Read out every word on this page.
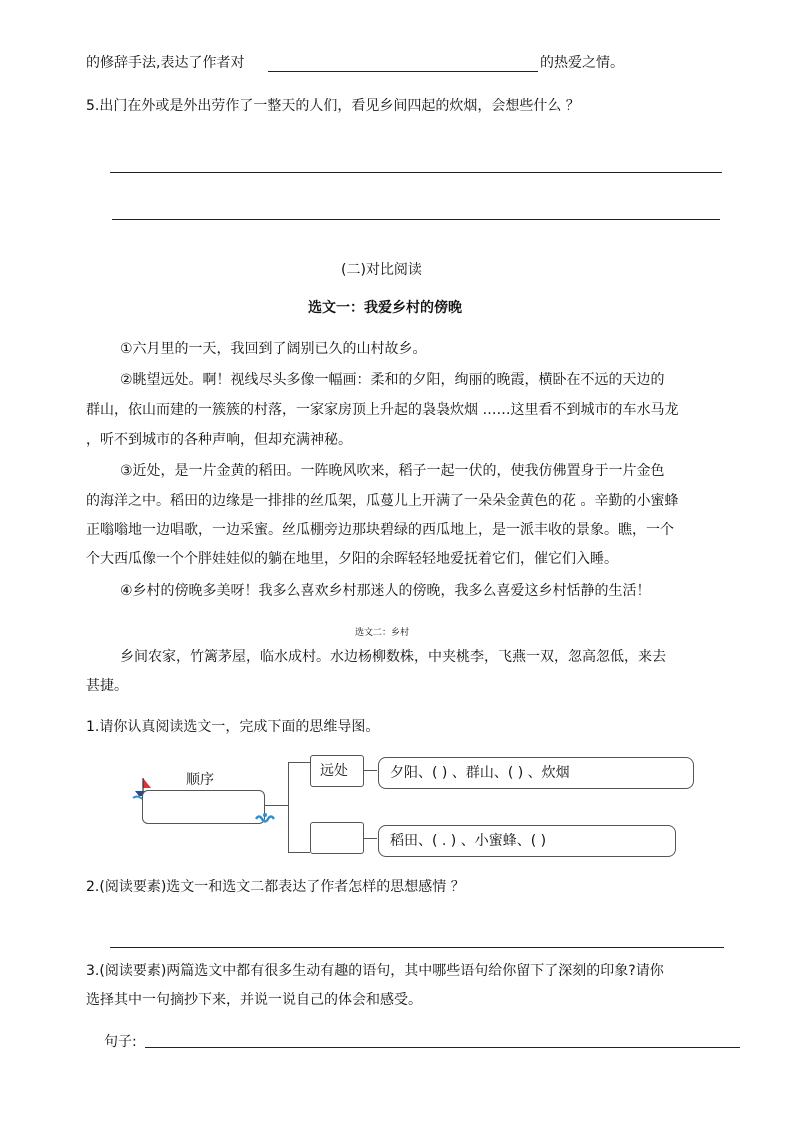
的修辞手法,表达了作者对	的热爱之情。
5.出门在外或是外出劳作了一整天的人们，看见乡间四起的炊烟，会想些什么 ？
(二)对比阅读
选文一：我爱乡村的傍晚
①六月里的一天，我回到了阔别已久的山村故乡。
②眺望远处。啊！视线尽头多像一幅画：柔和的夕阳，绚丽的晚霞，横卧在不远的天边的
群山，依山而建的一簇簇的村落，一家家房顶上升起的袅袅炊烟 ……这里看不到城市的车水马龙
，听不到城市的各种声响，但却充满神秘。
③近处，是一片金黄的稻田。一阵晚风吹来，稻子一起一伏的，使我仿佛置身于一片金色
的海洋之中。稻田的边缘是一排排的丝瓜架，瓜蔓儿上开满了一朵朵金黄色的花 。辛勤的小蜜蜂
正嗡嗡地一边唱歌，一边采蜜。丝瓜棚旁边那块碧绿的西瓜地上，是一派丰收的景象。瞧，一个
个大西瓜像一个个胖娃娃似的躺在地里，夕阳的余晖轻轻地爱抚着它们，催它们入睡。
④乡村的傍晚多美呀！我多么喜欢乡村那迷人的傍晚，我多么喜爱这乡村恬静的生活！
选文二：乡村
乡间农家，竹篱茅屋，临水成村。水边杨柳数株，中夹桃李，飞燕一双，忽高忽低，来去
甚捷。
1.请你认真阅读选文一，完成下面的思维导图。
顺序
远处	夕阳、( ) 、群山、( ) 、炊烟
稻田、( . ) 、小蜜蜂、( )
2.(阅读要素)选文一和选文二都表达了作者怎样的思想感情 ？
3.(阅读要素)两篇选文中都有很多生动有趣的语句，其中哪些语句给你留下了深刻的印象?请你
选择其中一句摘抄下来，并说一说自己的体会和感受。
句子:
